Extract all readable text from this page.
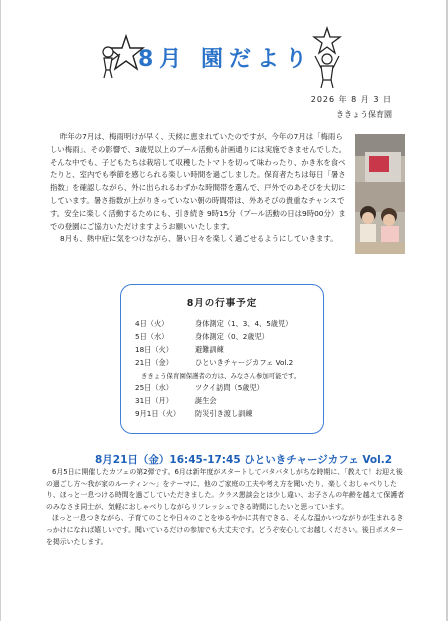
8月 園だより
2026 年 8 月 3 日
ききょう保育園

昨年の7月は、梅雨明けが早く、天候に恵まれていたのですが、今年の7月は「梅雨らしい梅雨」、その影響で、3歳児以上のプール活動も計画通りには実施できませんでした。そんな中でも、子どもたちは栽培して収穫したトマトを切って味わったり、かき氷を食べたりと、室内でも季節を感じられる楽しい時間を過ごしました。保育者たちは毎日「暑さ指数」を確認しながら、外に出られるわずかな時間帯を選んで、戸外でのあそびを大切にしています。暑さ指数が上がりきっていない朝の時間帯は、外あそびの貴重なチャンスです。安全に楽しく活動するためにも、引き続き 9時15分（プール活動の日は9時00分）までの登園にご協力いただけますようお願いいたします。

8月も、熱中症に気をつけながら、暑い日々を楽しく過ごせるようにしていきます。

8月の行事予定
4日（火）	身体測定（1、3、4、5歳児）
5日（水）	身体測定（0、2歳児）
18日（火）	避難訓練
21日（金）	ひといきチャージカフェ Vol.2
ききょう保育園保護者の方は、みなさん参加可能です。
25日（水）	ツクイ訪問（5歳児）
31日（月）	誕生会
9月1日（火） 防災引き渡し訓練
8月21日（金）16:45-17:45 ひといきチャージカフェ Vol.2

6月5日に開催したカフェの第2弾です。6月は新年度がスタートしてバタバタしがちな時期に、「教えて！お迎え後の過ごし方～我が家のルーティン～」をテーマに、他のご家庭の工夫や考え方を聞いたり、楽しくおしゃべりしたり、ほっと一息つける時間を過ごしていただきました。クラス懇談会とは少し違い、お子さんの年齢を越えて保護者のみなさま同士が、気軽におしゃべりしながらリフレッシュできる時間にしたいと思っています。

ほっと一息つきながら、子育てのことや日々のことをゆるやかに共有できる、そんな温かいつながりが生まれるきっかけになれば嬉しいです。聞いているだけの参加でも大丈夫です。どうぞ安心してお越しください。後日ポスターを掲示いたします。
